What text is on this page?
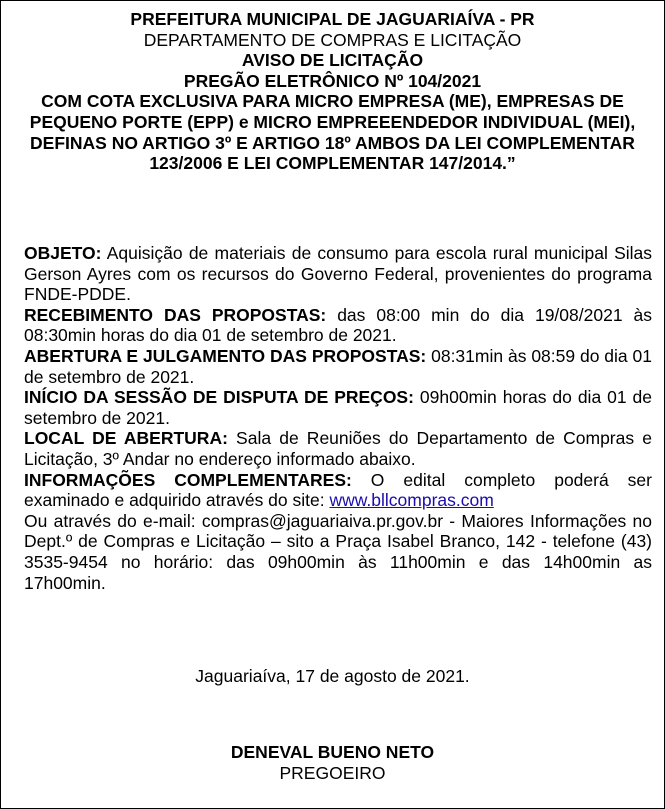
PREFEITURA MUNICIPAL DE JAGUARIAÍVA - PR
DEPARTAMENTO DE COMPRAS E LICITAÇÃO
AVISO DE LICITAÇÃO
PREGÃO ELETRÔNICO Nº 104/2021
COM COTA EXCLUSIVA PARA MICRO EMPRESA (ME), EMPRESAS DE PEQUENO PORTE (EPP) e MICRO EMPREEENDEDOR INDIVIDUAL (MEI), DEFINAS NO ARTIGO 3º E ARTIGO 18º AMBOS DA LEI COMPLEMENTAR 123/2006 E LEI COMPLEMENTAR 147/2014.”

OBJETO: Aquisição de materiais de consumo para escola rural municipal Silas Gerson Ayres com os recursos do Governo Federal, provenientes do programa FNDE-PDDE.

RECEBIMENTO DAS PROPOSTAS: das 08:00 min do dia 19/08/2021 às 08:30min horas do dia 01 de setembro de 2021.

ABERTURA E JULGAMENTO DAS PROPOSTAS: 08:31min às 08:59 do dia 01 de setembro de 2021.

INÍCIO DA SESSÃO DE DISPUTA DE PREÇOS: 09h00min horas do dia 01 de setembro de 2021.

LOCAL DE ABERTURA: Sala de Reuniões do Departamento de Compras e Licitação, 3º Andar no endereço informado abaixo.

INFORMAÇÕES COMPLEMENTARES: O edital completo poderá ser examinado e adquirido através do site: www.bllcompras.com

Ou através do e-mail: compras@jaguariaiva.pr.gov.br - Maiores Informações no Dept.º de Compras e Licitação – sito a Praça Isabel Branco, 142 - telefone (43) 3535-9454 no horário: das 09h00min às 11h00min e das 14h00min as 17h00min.

Jaguariaíva, 17 de agosto de 2021.
DENEVAL BUENO NETO
PREGOEIRO
